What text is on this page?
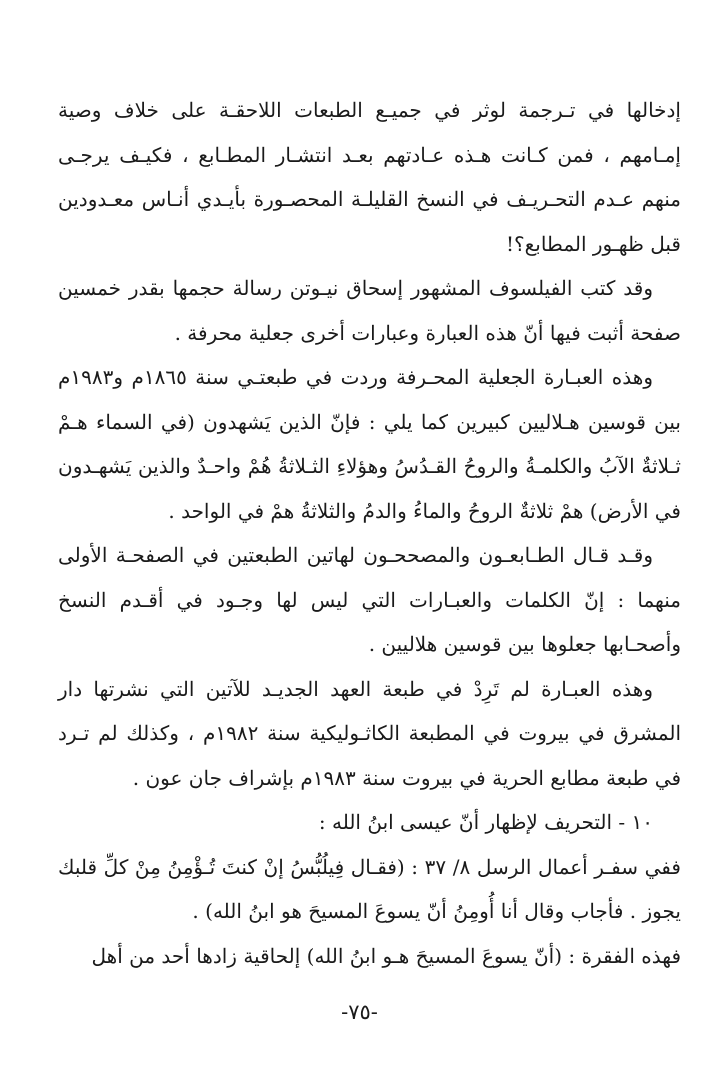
إدخالها في تـرجمة لوثر في جميـع الطبعات اللاحقـة على خلاف وصية إمـامهم ، فمن كـانت هـذه عـادتهم بعـد انتشـار المطـابع ، فكيـف يرجـى منهم عـدم التحـريـف في النسخ القليلـة المحصـورة بأيـدي أنـاس معـدودين قبل ظهـور المطابع؟!

وقد كتب الفيلسوف المشهور إسحاق نيـوتن رسالة حجمها بقدر خمسين صفحة أثبت فيها أنّ هذه العبارة وعبارات أخرى جعلية محرفة .

وهذه العبـارة الجعلية المحـرفة وردت في طبعتـي سنة ١٨٦٥م و١٩٨٣م بين قوسين هـلاليين كبيرين كما يلي : فإنّ الذين يَشهدون (في السماء هـمْ ثـلاثةٌ الآبُ والكلمـةُ والروحُ القـدُسُ وهؤلاءِ الثـلاثةُ هُمْ واحـدٌ والذين يَشهـدون في الأرض) همْ ثلاثةٌ الروحُ والماءُ والدمُ والثلاثةُ همْ في الواحد .

وقـد قـال الطـابعـون والمصححـون لهاتين الطبعتين في الصفحـة الأولى منهما : إنّ الكلمات والعبـارات التي ليس لها وجـود في أقـدم النسخ وأصحـابها جعلوها بين قوسين هلاليين .

وهذه العبـارة لم تَرِدْ في طبعة العهد الجديـد للآتين التي نشرتها دار المشرق في بيروت في المطبعة الكاثـوليكية سنة ١٩٨٢م ، وكذلك لم تـرد في طبعة مطابع الحرية في بيروت سنة ١٩٨٣م بإشراف جان عون .

١٠ - التحريف لإظهار أنّ عيسى ابنُ الله :

ففي سفـر أعمال الرسل ٨/ ٣٧ : (فقـال فِيلُبُّسُ إنْ كنتَ تُـؤْمِنُ مِنْ كلِّ قلبك يجوز . فأجاب وقال أنا أُومِنُ أنّ يسوعَ المسيحَ هو ابنُ الله) .

فهذه الفقرة : (أنّ يسوعَ المسيحَ هـو ابنُ الله) إلحاقية زادها أحد من أهل

-٧٥-
